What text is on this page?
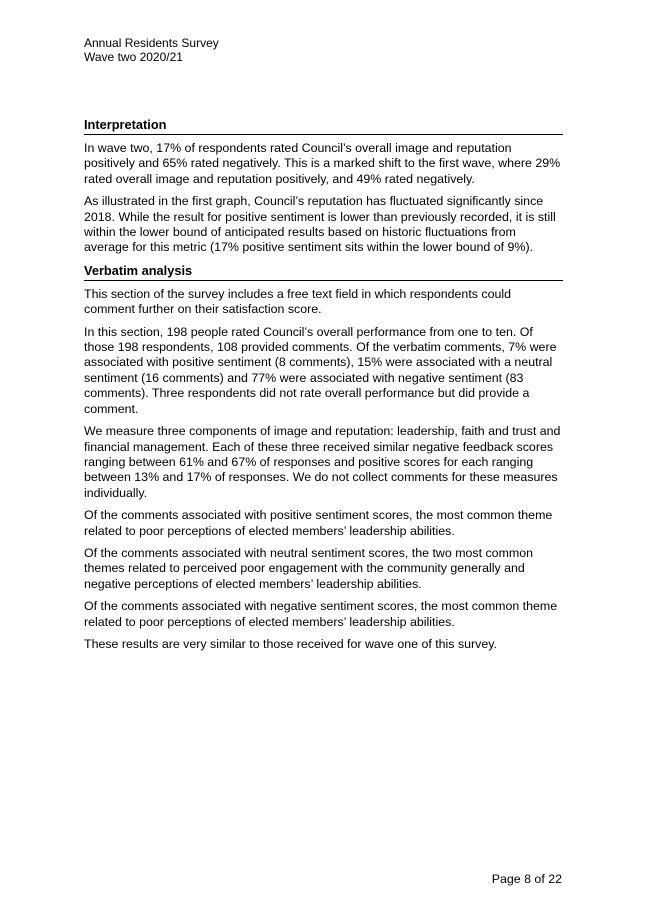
Annual Residents Survey
Wave two 2020/21
Interpretation

In wave two, 17% of respondents rated Council’s overall image and reputation positively and 65% rated negatively. This is a marked shift to the first wave, where 29% rated overall image and reputation positively, and 49% rated negatively.

As illustrated in the first graph, Council’s reputation has fluctuated significantly since 2018. While the result for positive sentiment is lower than previously recorded, it is still within the lower bound of anticipated results based on historic fluctuations from average for this metric (17% positive sentiment sits within the lower bound of 9%).

Verbatim analysis

This section of the survey includes a free text field in which respondents could comment further on their satisfaction score.

In this section, 198 people rated Council’s overall performance from one to ten. Of those 198 respondents, 108 provided comments. Of the verbatim comments, 7% were associated with positive sentiment (8 comments), 15% were associated with a neutral sentiment (16 comments) and 77% were associated with negative sentiment (83 comments). Three respondents did not rate overall performance but did provide a comment.

We measure three components of image and reputation: leadership, faith and trust and financial management. Each of these three received similar negative feedback scores ranging between 61% and 67% of responses and positive scores for each ranging between 13% and 17% of responses. We do not collect comments for these measures individually.

Of the comments associated with positive sentiment scores, the most common theme related to poor perceptions of elected members’ leadership abilities.

Of the comments associated with neutral sentiment scores, the two most common themes related to perceived poor engagement with the community generally and negative perceptions of elected members’ leadership abilities.

Of the comments associated with negative sentiment scores, the most common theme related to poor perceptions of elected members’ leadership abilities.

These results are very similar to those received for wave one of this survey.

Page 8 of 22
